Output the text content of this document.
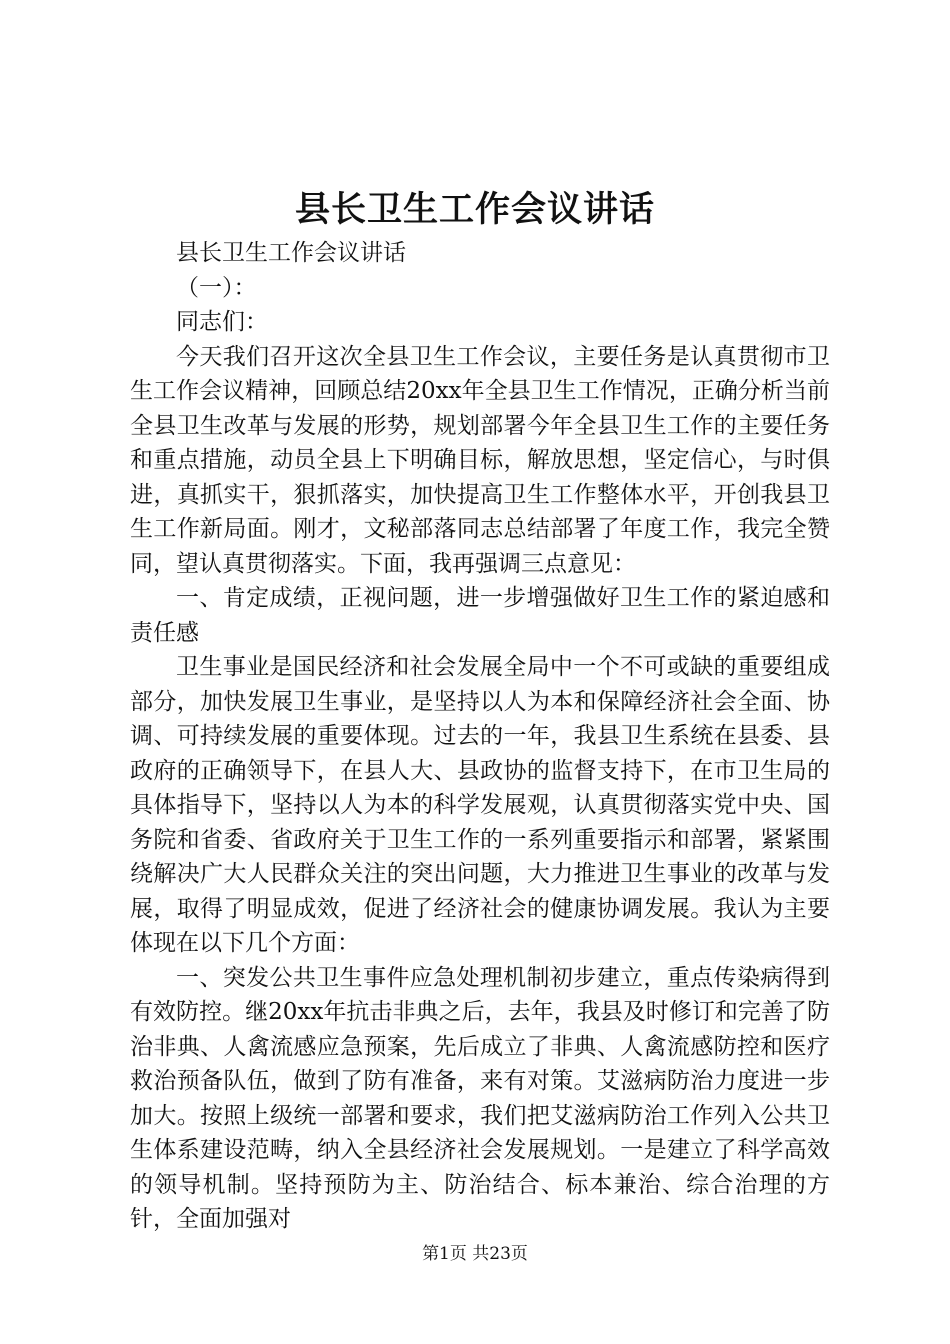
县长卫生工作会议讲话

县长卫生工作会议讲话

（一）：

同志们：

今天我们召开这次全县卫生工作会议，主要任务是认真贯彻市卫生工作会议精神，回顾总结20xx年全县卫生工作情况，正确分析当前全县卫生改革与发展的形势，规划部署今年全县卫生工作的主要任务和重点措施，动员全县上下明确目标，解放思想，坚定信心，与时俱进，真抓实干，狠抓落实，加快提高卫生工作整体水平，开创我县卫生工作新局面。刚才，文秘部落同志总结部署了年度工作，我完全赞同，望认真贯彻落实。下面，我再强调三点意见：

一、肯定成绩，正视问题，进一步增强做好卫生工作的紧迫感和责任感

卫生事业是国民经济和社会发展全局中一个不可或缺的重要组成部分，加快发展卫生事业，是坚持以人为本和保障经济社会全面、协调、可持续发展的重要体现。过去的一年，我县卫生系统在县委、县政府的正确领导下，在县人大、县政协的监督支持下，在市卫生局的具体指导下，坚持以人为本的科学发展观，认真贯彻落实党中央、国务院和省委、省政府关于卫生工作的一系列重要指示和部署，紧紧围绕解决广大人民群众关注的突出问题，大力推进卫生事业的改革与发展，取得了明显成效，促进了经济社会的健康协调发展。我认为主要体现在以下几个方面：

一、突发公共卫生事件应急处理机制初步建立，重点传染病得到有效防控。继20xx年抗击非典之后，去年，我县及时修订和完善了防治非典、人禽流感应急预案，先后成立了非典、人禽流感防控和医疗救治预备队伍，做到了防有准备，来有对策。艾滋病防治力度进一步加大。按照上级统一部署和要求，我们把艾滋病防治工作列入公共卫生体系建设范畴，纳入全县经济社会发展规划。一是建立了科学高效的领导机制。坚持预防为主、防治结合、标本兼治、综合治理的方针，全面加强对

第1页 共23页
